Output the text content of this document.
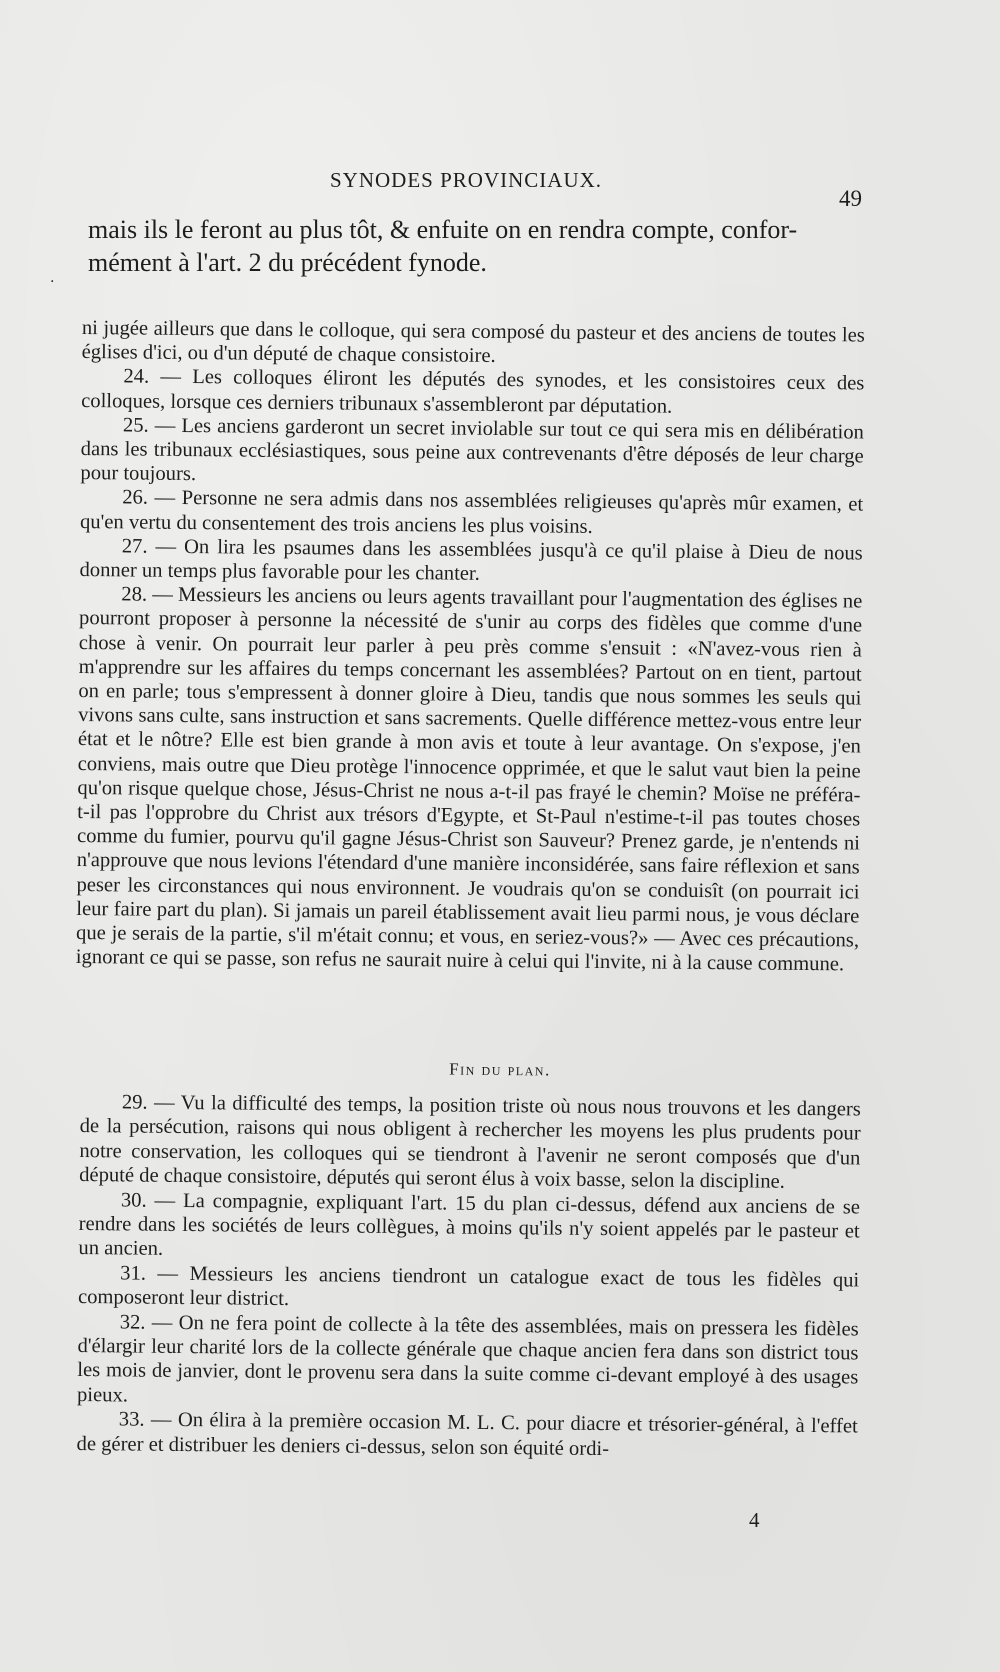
SYNODES PROVINCIAUX.
49
.
mais ils le feront au plus tôt, & enfuite on en rendra compte, confor-
mément à l'art. 2 du précédent fynode.

ni jugée ailleurs que dans le colloque, qui sera composé du pasteur et des anciens de toutes les églises d'ici, ou d'un député de chaque consistoire.

24. — Les colloques éliront les députés des synodes, et les consistoires ceux des colloques, lorsque ces derniers tribunaux s'assembleront par députation.

25. — Les anciens garderont un secret inviolable sur tout ce qui sera mis en délibération dans les tribunaux ecclésiastiques, sous peine aux contrevenants d'être déposés de leur charge pour toujours.

26. — Personne ne sera admis dans nos assemblées religieuses qu'après mûr examen, et qu'en vertu du consentement des trois anciens les plus voisins.

27. — On lira les psaumes dans les assemblées jusqu'à ce qu'il plaise à Dieu de nous donner un temps plus favorable pour les chanter.

28. — Messieurs les anciens ou leurs agents travaillant pour l'augmentation des églises ne pourront proposer à personne la nécessité de s'unir au corps des fidèles que comme d'une chose à venir. On pourrait leur parler à peu près comme s'ensuit : «N'avez-vous rien à m'apprendre sur les affaires du temps concernant les assemblées? Partout on en tient, partout on en parle; tous s'empressent à donner gloire à Dieu, tandis que nous sommes les seuls qui vivons sans culte, sans instruction et sans sacrements. Quelle différence mettez-vous entre leur état et le nôtre? Elle est bien grande à mon avis et toute à leur avantage. On s'expose, j'en conviens, mais outre que Dieu protège l'innocence opprimée, et que le salut vaut bien la peine qu'on risque quelque chose, Jésus-Christ ne nous a-t-il pas frayé le chemin? Moïse ne préféra-t-il pas l'opprobre du Christ aux trésors d'Egypte, et St-Paul n'estime-t-il pas toutes choses comme du fumier, pourvu qu'il gagne Jésus-Christ son Sauveur? Prenez garde, je n'entends ni n'approuve que nous levions l'étendard d'une manière inconsidérée, sans faire réflexion et sans peser les circonstances qui nous environnent. Je voudrais qu'on se conduisît (on pourrait ici leur faire part du plan). Si jamais un pareil établissement avait lieu parmi nous, je vous déclare que je serais de la partie, s'il m'était connu; et vous, en seriez-vous?» — Avec ces précautions, ignorant ce qui se passe, son refus ne saurait nuire à celui qui l'invite, ni à la cause commune.

Fin du plan.

29. — Vu la difficulté des temps, la position triste où nous nous trouvons et les dangers de la persécution, raisons qui nous obligent à rechercher les moyens les plus prudents pour notre conservation, les colloques qui se tiendront à l'avenir ne seront composés que d'un député de chaque consistoire, députés qui seront élus à voix basse, selon la discipline.

30. — La compagnie, expliquant l'art. 15 du plan ci-dessus, défend aux anciens de se rendre dans les sociétés de leurs collègues, à moins qu'ils n'y soient appelés par le pasteur et un ancien.

31. — Messieurs les anciens tiendront un catalogue exact de tous les fidèles qui composeront leur district.

32. — On ne fera point de collecte à la tête des assemblées, mais on pressera les fidèles d'élargir leur charité lors de la collecte générale que chaque ancien fera dans son district tous les mois de janvier, dont le provenu sera dans la suite comme ci-devant employé à des usages pieux.

33. — On élira à la première occasion M. L. C. pour diacre et trésorier-général, à l'effet de gérer et distribuer les deniers ci-dessus, selon son équité ordi-

4
